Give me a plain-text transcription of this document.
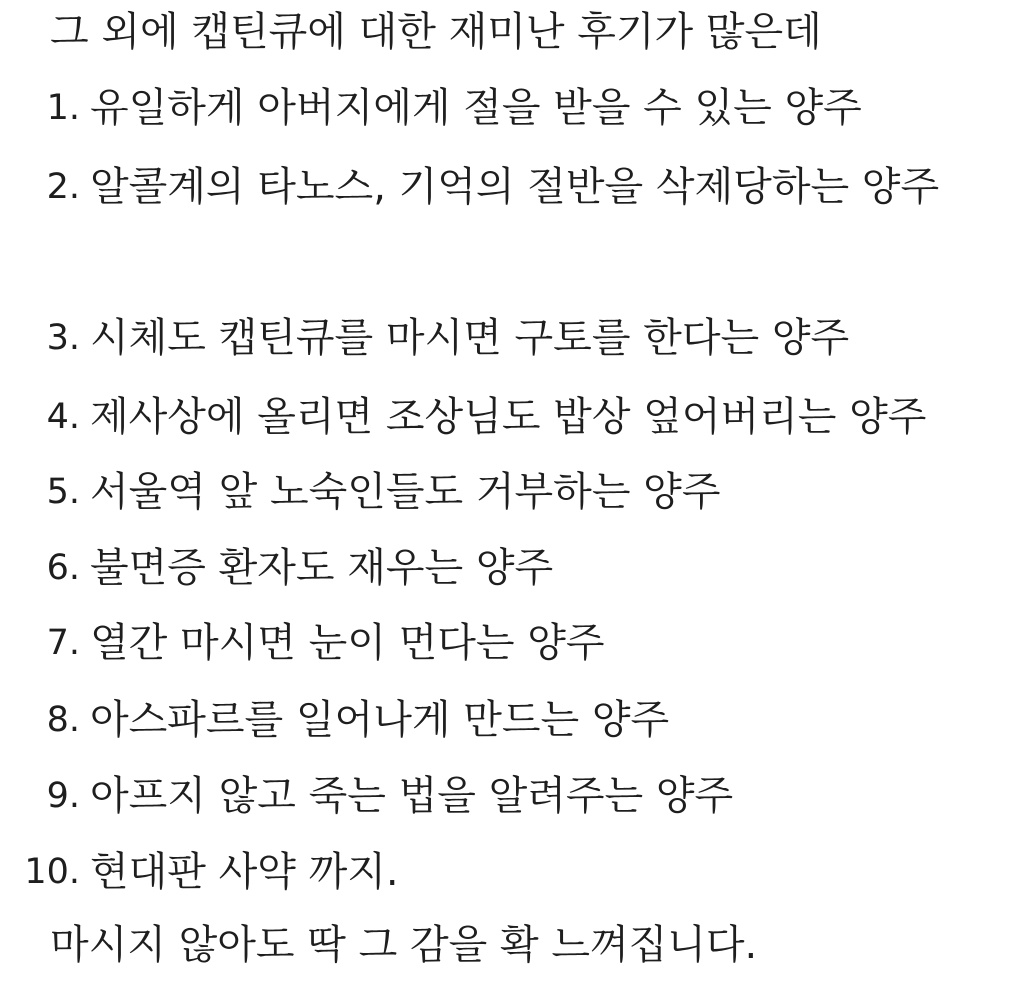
그 외에 캡틴큐에 대한 재미난 후기가 많은데
1. 유일하게 아버지에게 절을 받을 수 있는 양주
2. 알콜계의 타노스, 기억의 절반을 삭제당하는 양주
3. 시체도 캡틴큐를 마시면 구토를 한다는 양주
4. 제사상에 올리면 조상님도 밥상 엎어버리는 양주
5. 서울역 앞 노숙인들도 거부하는 양주
6. 불면증 환자도 재우는 양주
7. 열간 마시면 눈이 먼다는 양주
8. 아스파르를 일어나게 만드는 양주
9. 아프지 않고 죽는 법을 알려주는 양주
10. 현대판 사약 까지.
마시지 않아도 딱 그 감을 확 느껴집니다.
